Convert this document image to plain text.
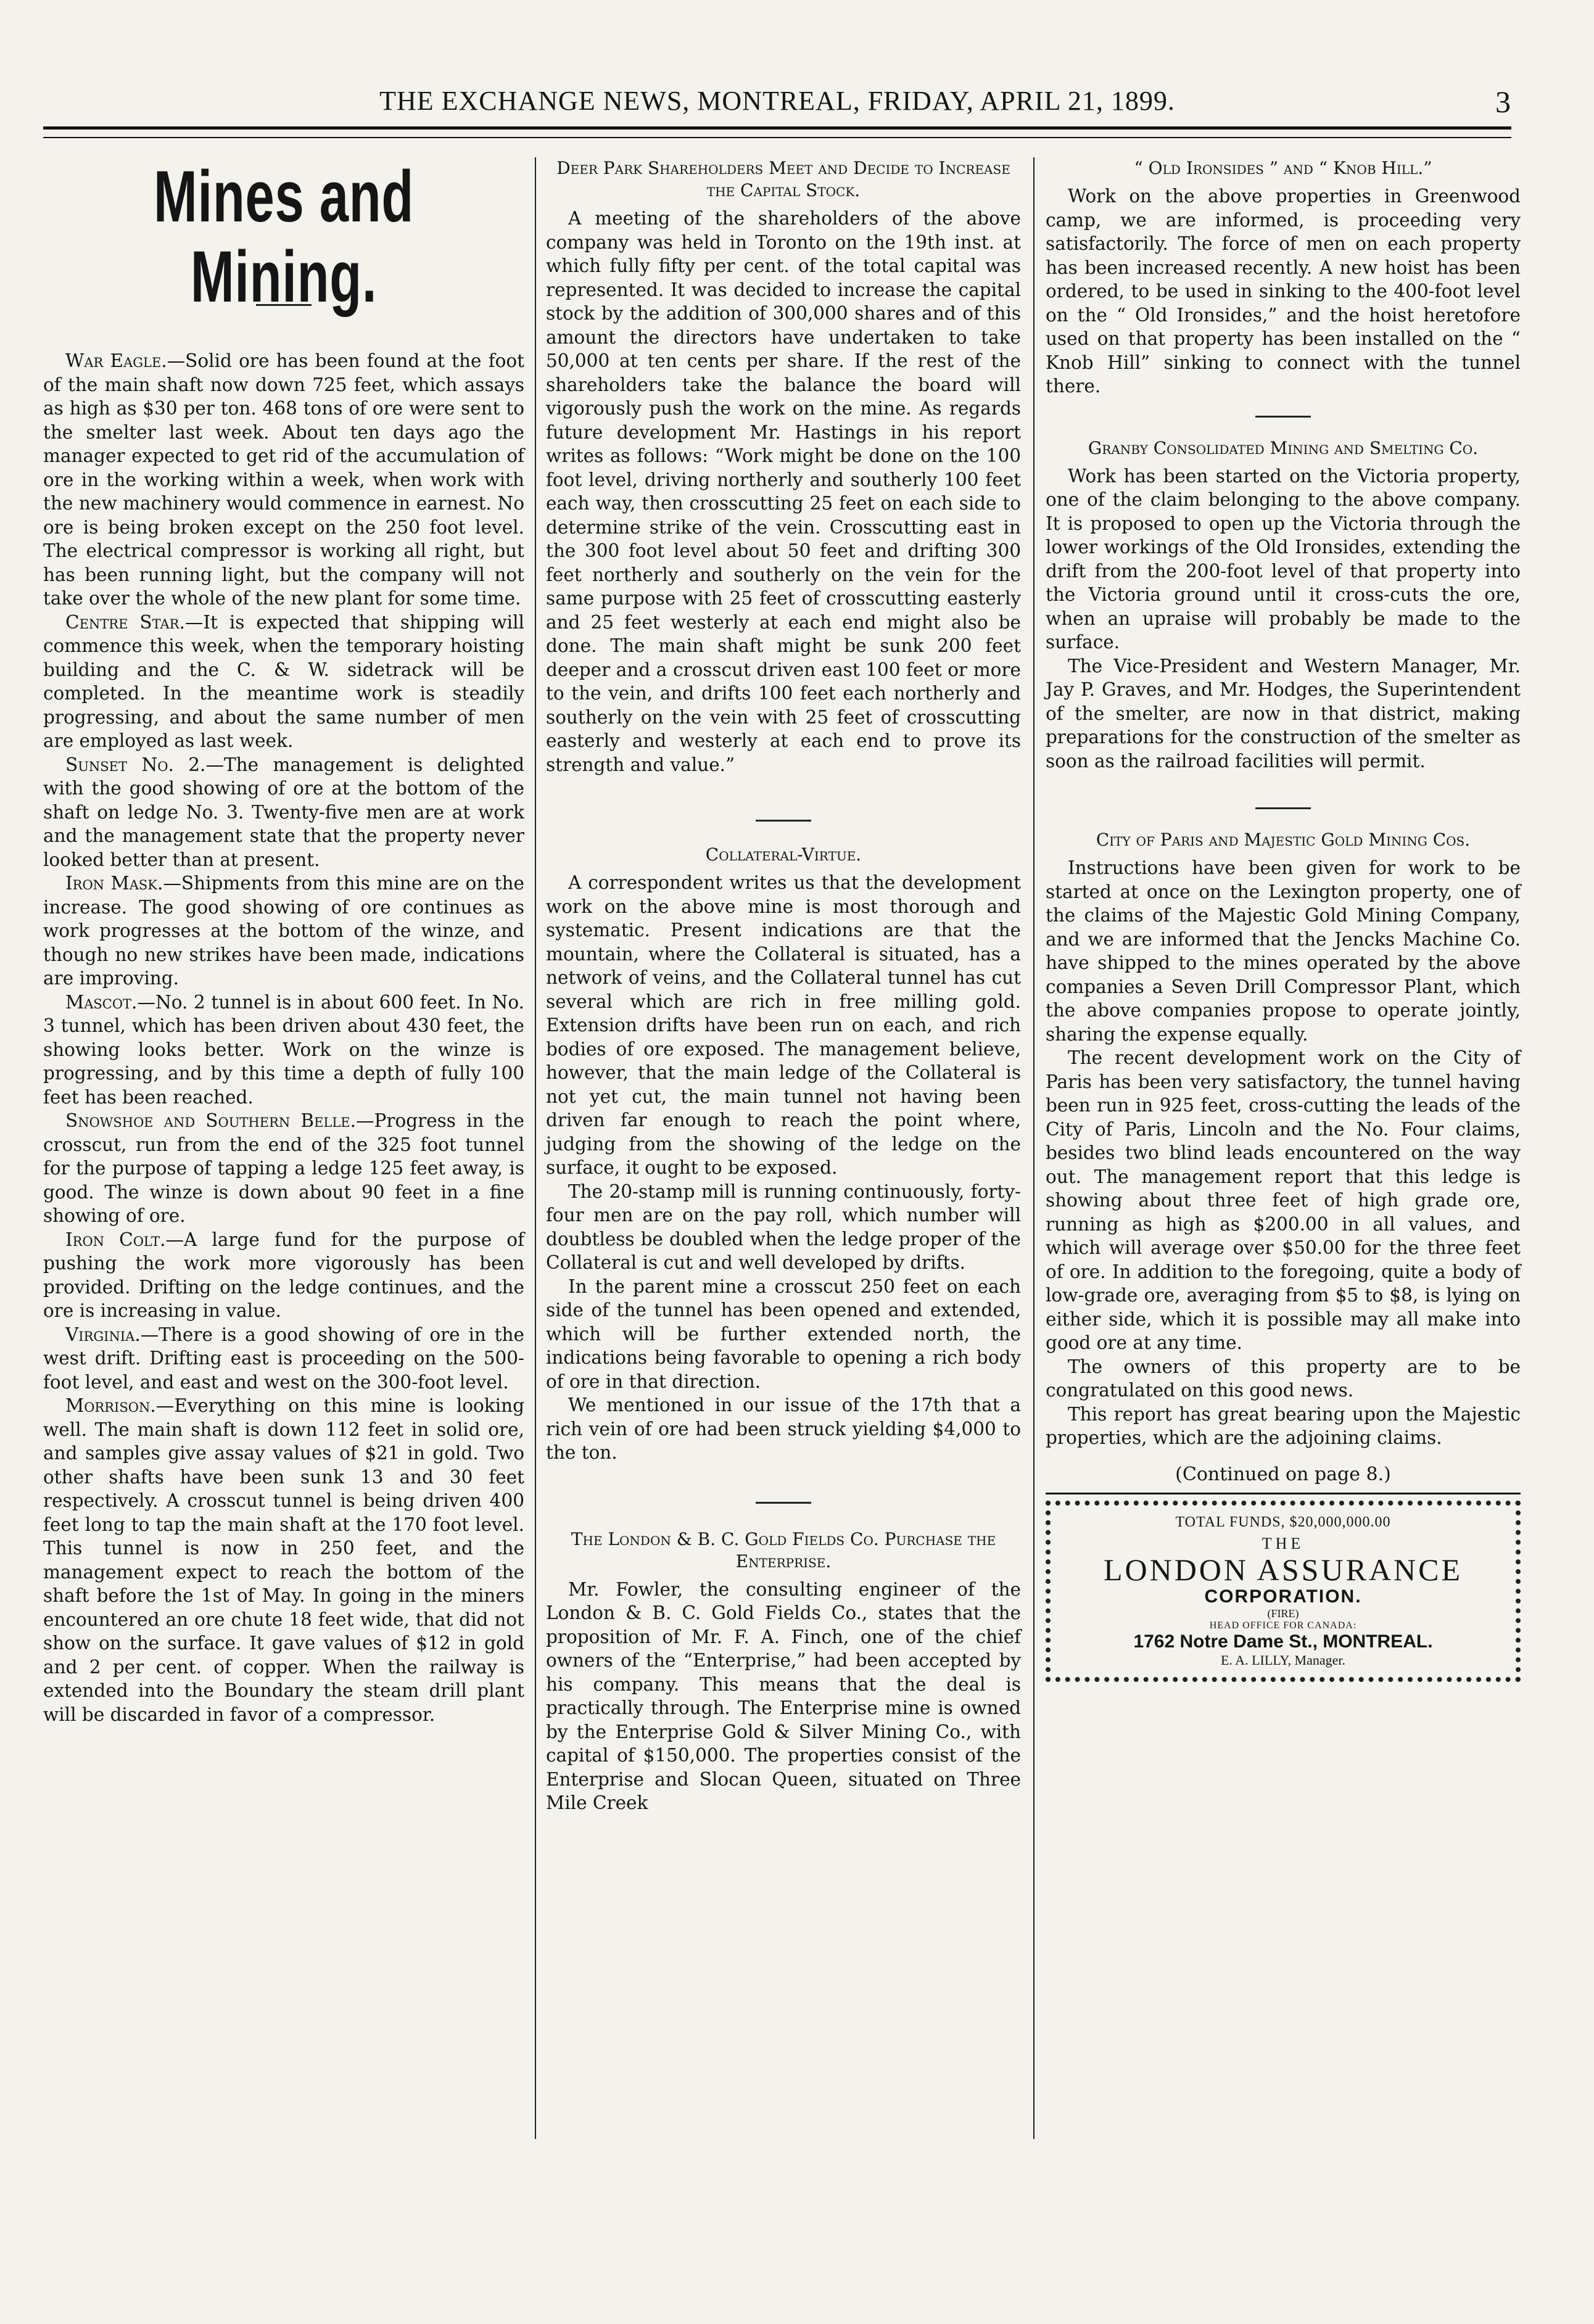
THE EXCHANGE NEWS, MONTREAL, FRIDAY, APRIL 21, 1899.	3
Mines and Mining.

War Eagle.—Solid ore has been found at the foot of the main shaft now down 725 feet, which assays as high as $30 per ton. 468 tons of ore were sent to the smelter last week. About ten days ago the manager expected to get rid of the accumulation of ore in the working within a week, when work with the new machinery would commence in earnest. No ore is being broken except on the 250 foot level. The electrical compressor is working all right, but has been running light, but the company will not take over the whole of the new plant for some time.

Centre Star.—It is expected that shipping will commence this week, when the temporary hoisting building and the C. & W. sidetrack will be completed. In the meantime work is steadily progressing, and about the same number of men are employed as last week.

Sunset No. 2.—The management is delighted with the good showing of ore at the bottom of the shaft on ledge No. 3. Twenty-five men are at work and the management state that the property never looked better than at present.

Iron Mask.—Shipments from this mine are on the increase. The good showing of ore continues as work progresses at the bottom of the winze, and though no new strikes have been made, indications are improving.

Mascot.—No. 2 tunnel is in about 600 feet. In No. 3 tunnel, which has been driven about 430 feet, the showing looks better. Work on the winze is progressing, and by this time a depth of fully 100 feet has been reached.

Snowshoe and Southern Belle.—Progress in the crosscut, run from the end of the 325 foot tunnel for the purpose of tapping a ledge 125 feet away, is good. The winze is down about 90 feet in a fine showing of ore.

Iron Colt.—A large fund for the purpose of pushing the work more vigorously has been provided. Drifting on the ledge continues, and the ore is increasing in value.

Virginia.—There is a good showing of ore in the west drift. Drifting east is proceeding on the 500-foot level, and east and west on the 300-foot level.

Morrison.—Everything on this mine is looking well. The main shaft is down 112 feet in solid ore, and samples give assay values of $21 in gold. Two other shafts have been sunk 13 and 30 feet respectively. A crosscut tunnel is being driven 400 feet long to tap the main shaft at the 170 foot level. This tunnel is now in 250 feet, and the management expect to reach the bottom of the shaft before the 1st of May. In going in the miners encountered an ore chute 18 feet wide, that did not show on the surface. It gave values of $12 in gold and 2 per cent. of copper. When the railway is extended into the Boundary the steam drill plant will be discarded in favor of a compressor.

Deer Park Shareholders Meet and Decide to Increase the Capital Stock.

A meeting of the shareholders of the above company was held in Toronto on the 19th inst. at which fully fifty per cent. of the total capital was represented. It was decided to increase the capital stock by the addition of 300,000 shares and of this amount the directors have undertaken to take 50,000 at ten cents per share. If the rest of the shareholders take the balance the board will vigorously push the work on the mine. As regards future development Mr. Hastings in his report writes as follows: “Work might be done on the 100 foot level, driving northerly and southerly 100 feet each way, then crosscutting 25 feet on each side to determine strike of the vein. Crosscutting east in the 300 foot level about 50 feet and drifting 300 feet northerly and southerly on the vein for the same purpose with 25 feet of crosscutting easterly and 25 feet westerly at each end might also be done. The main shaft might be sunk 200 feet deeper and a crosscut driven east 100 feet or more to the vein, and drifts 100 feet each northerly and southerly on the vein with 25 feet of crosscutting easterly and westerly at each end to prove its strength and value.”

Collateral-Virtue.

A correspondent writes us that the development work on the above mine is most thorough and systematic. Present indications are that the mountain, where the Collateral is situated, has a network of veins, and the Collateral tunnel has cut several which are rich in free milling gold. Extension drifts have been run on each, and rich bodies of ore exposed. The management believe, however, that the main ledge of the Collateral is not yet cut, the main tunnel not having been driven far enough to reach the point where, judging from the showing of the ledge on the surface, it ought to be exposed.

The 20-stamp mill is running continuously, forty-four men are on the pay roll, which number will doubtless be doubled when the ledge proper of the Collateral is cut and well developed by drifts.

In the parent mine a crosscut 250 feet on each side of the tunnel has been opened and extended, which will be further extended north, the indications being favorable to opening a rich body of ore in that direction.

We mentioned in our issue of the 17th that a rich vein of ore had been struck yielding $4,000 to the ton.

The London & B. C. Gold Fields Co. Purchase the Enterprise.

Mr. Fowler, the consulting engineer of the London & B. C. Gold Fields Co., states that the proposition of Mr. F. A. Finch, one of the chief owners of the “Enterprise,” had been accepted by his company. This means that the deal is practically through. The Enterprise mine is owned by the Enterprise Gold & Silver Mining Co., with capital of $150,000. The properties consist of the Enterprise and Slocan Queen, situated on Three Mile Creek

“ Old Ironsides ” and “ Knob Hill.”

Work on the above properties in Greenwood camp, we are informed, is proceeding very satisfactorily. The force of men on each property has been increased recently. A new hoist has been ordered, to be used in sinking to the 400-foot level on the “ Old Ironsides,” and the hoist heretofore used on that property has been installed on the “ Knob Hill” sinking to connect with the tunnel there.

Granby Consolidated Mining and Smelting Co.

Work has been started on the Victoria property, one of the claim belonging to the above company. It is proposed to open up the Victoria through the lower workings of the Old Ironsides, extending the drift from the 200-foot level of that property into the Victoria ground until it cross-cuts the ore, when an upraise will probably be made to the surface.

The Vice-President and Western Manager, Mr. Jay P. Graves, and Mr. Hodges, the Superintendent of the smelter, are now in that district, making preparations for the construction of the smelter as soon as the railroad facilities will permit.

City of Paris and Majestic Gold Mining Cos.

Instructions have been given for work to be started at once on the Lexington property, one of the claims of the Majestic Gold Mining Company, and we are informed that the Jencks Machine Co. have shipped to the mines operated by the above companies a Seven Drill Compressor Plant, which the above companies propose to operate jointly, sharing the expense equally.

The recent development work on the City of Paris has been very satisfactory, the tunnel having been run in 925 feet, cross-cutting the leads of the City of Paris, Lincoln and the No. Four claims, besides two blind leads encountered on the way out. The management report that this ledge is showing about three feet of high grade ore, running as high as $200.00 in all values, and which will average over $50.00 for the three feet of ore. In addition to the foregoing, quite a body of low-grade ore, averaging from $5 to $8, is lying on either side, which it is possible may all make into good ore at any time.

The owners of this property are to be congratulated on this good news.

This report has great bearing upon the Majestic properties, which are the adjoining claims.

(Continued on page 8.)
TOTAL FUNDS, $20,000,000.00
THE
LONDON ASSURANCE
CORPORATION.
(FIRE)
HEAD OFFICE FOR CANADA:
1762 Notre Dame St., MONTREAL.
E. A. LILLY, Manager.
